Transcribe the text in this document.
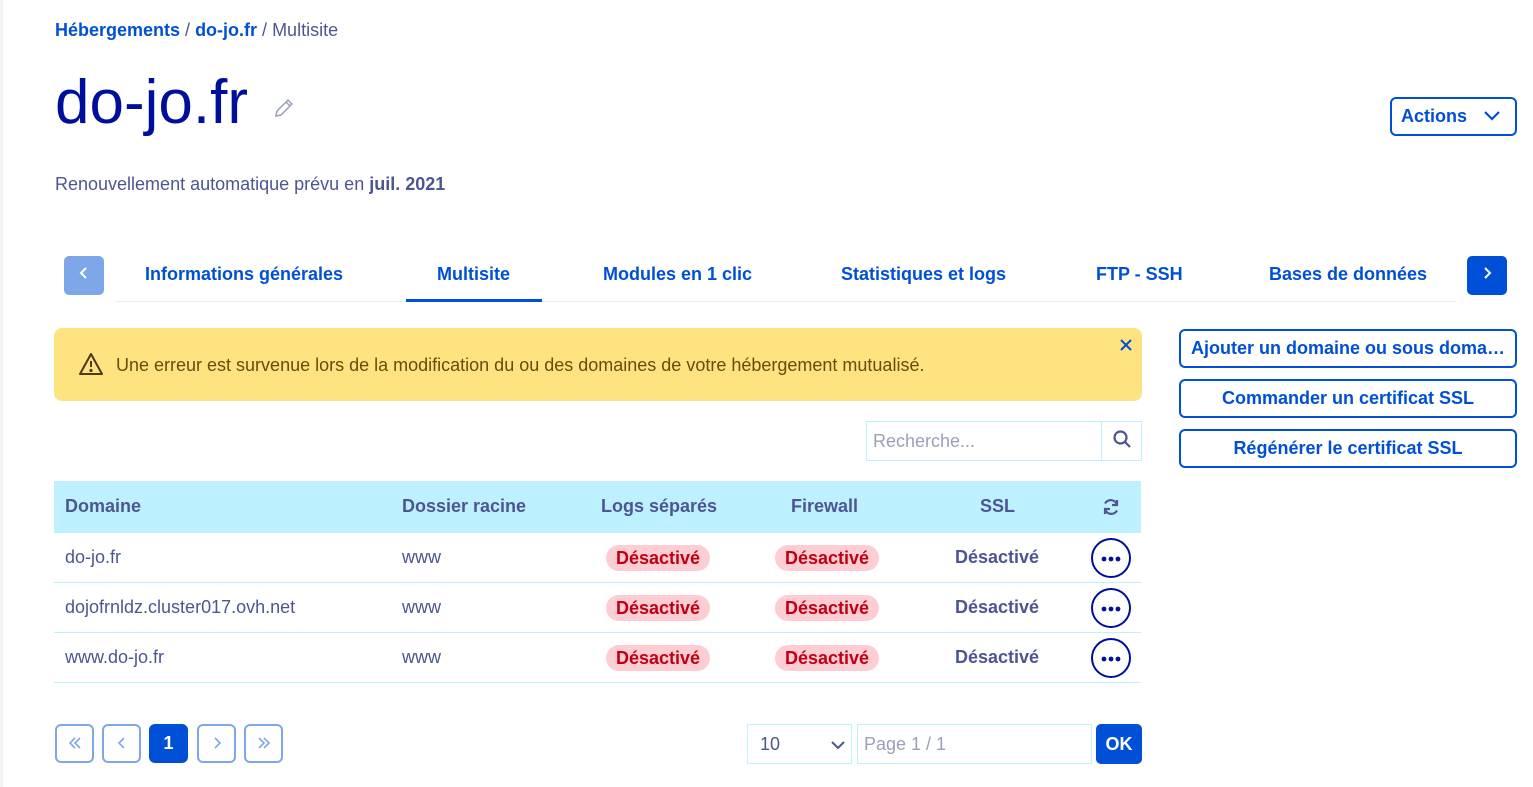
Hébergements / do-jo.fr / Multisite
do-jo.fr

Renouvellement automatique prévu en juil. 2021

Actions
Informations générales	Multisite	Modules en 1 clic	Statistiques et logs	FTP - SSH	Bases de données
Une erreur est survenue lors de la modification du ou des domaines de votre hébergement mutualisé.
Ajouter un domaine ou sous doma…
Commander un certificat SSL
Régénérer le certificat SSL
Recherche...
Domaine	Dossier racine	Logs séparés	Firewall	SSL
do-jo.fr	www	Désactivé	Désactivé	Désactivé
dojofrnldz.cluster017.ovh.net	www	Désactivé	Désactivé	Désactivé
www.do-jo.fr	www	Désactivé	Désactivé	Désactivé
1	10
Page 1 / 1	OK
